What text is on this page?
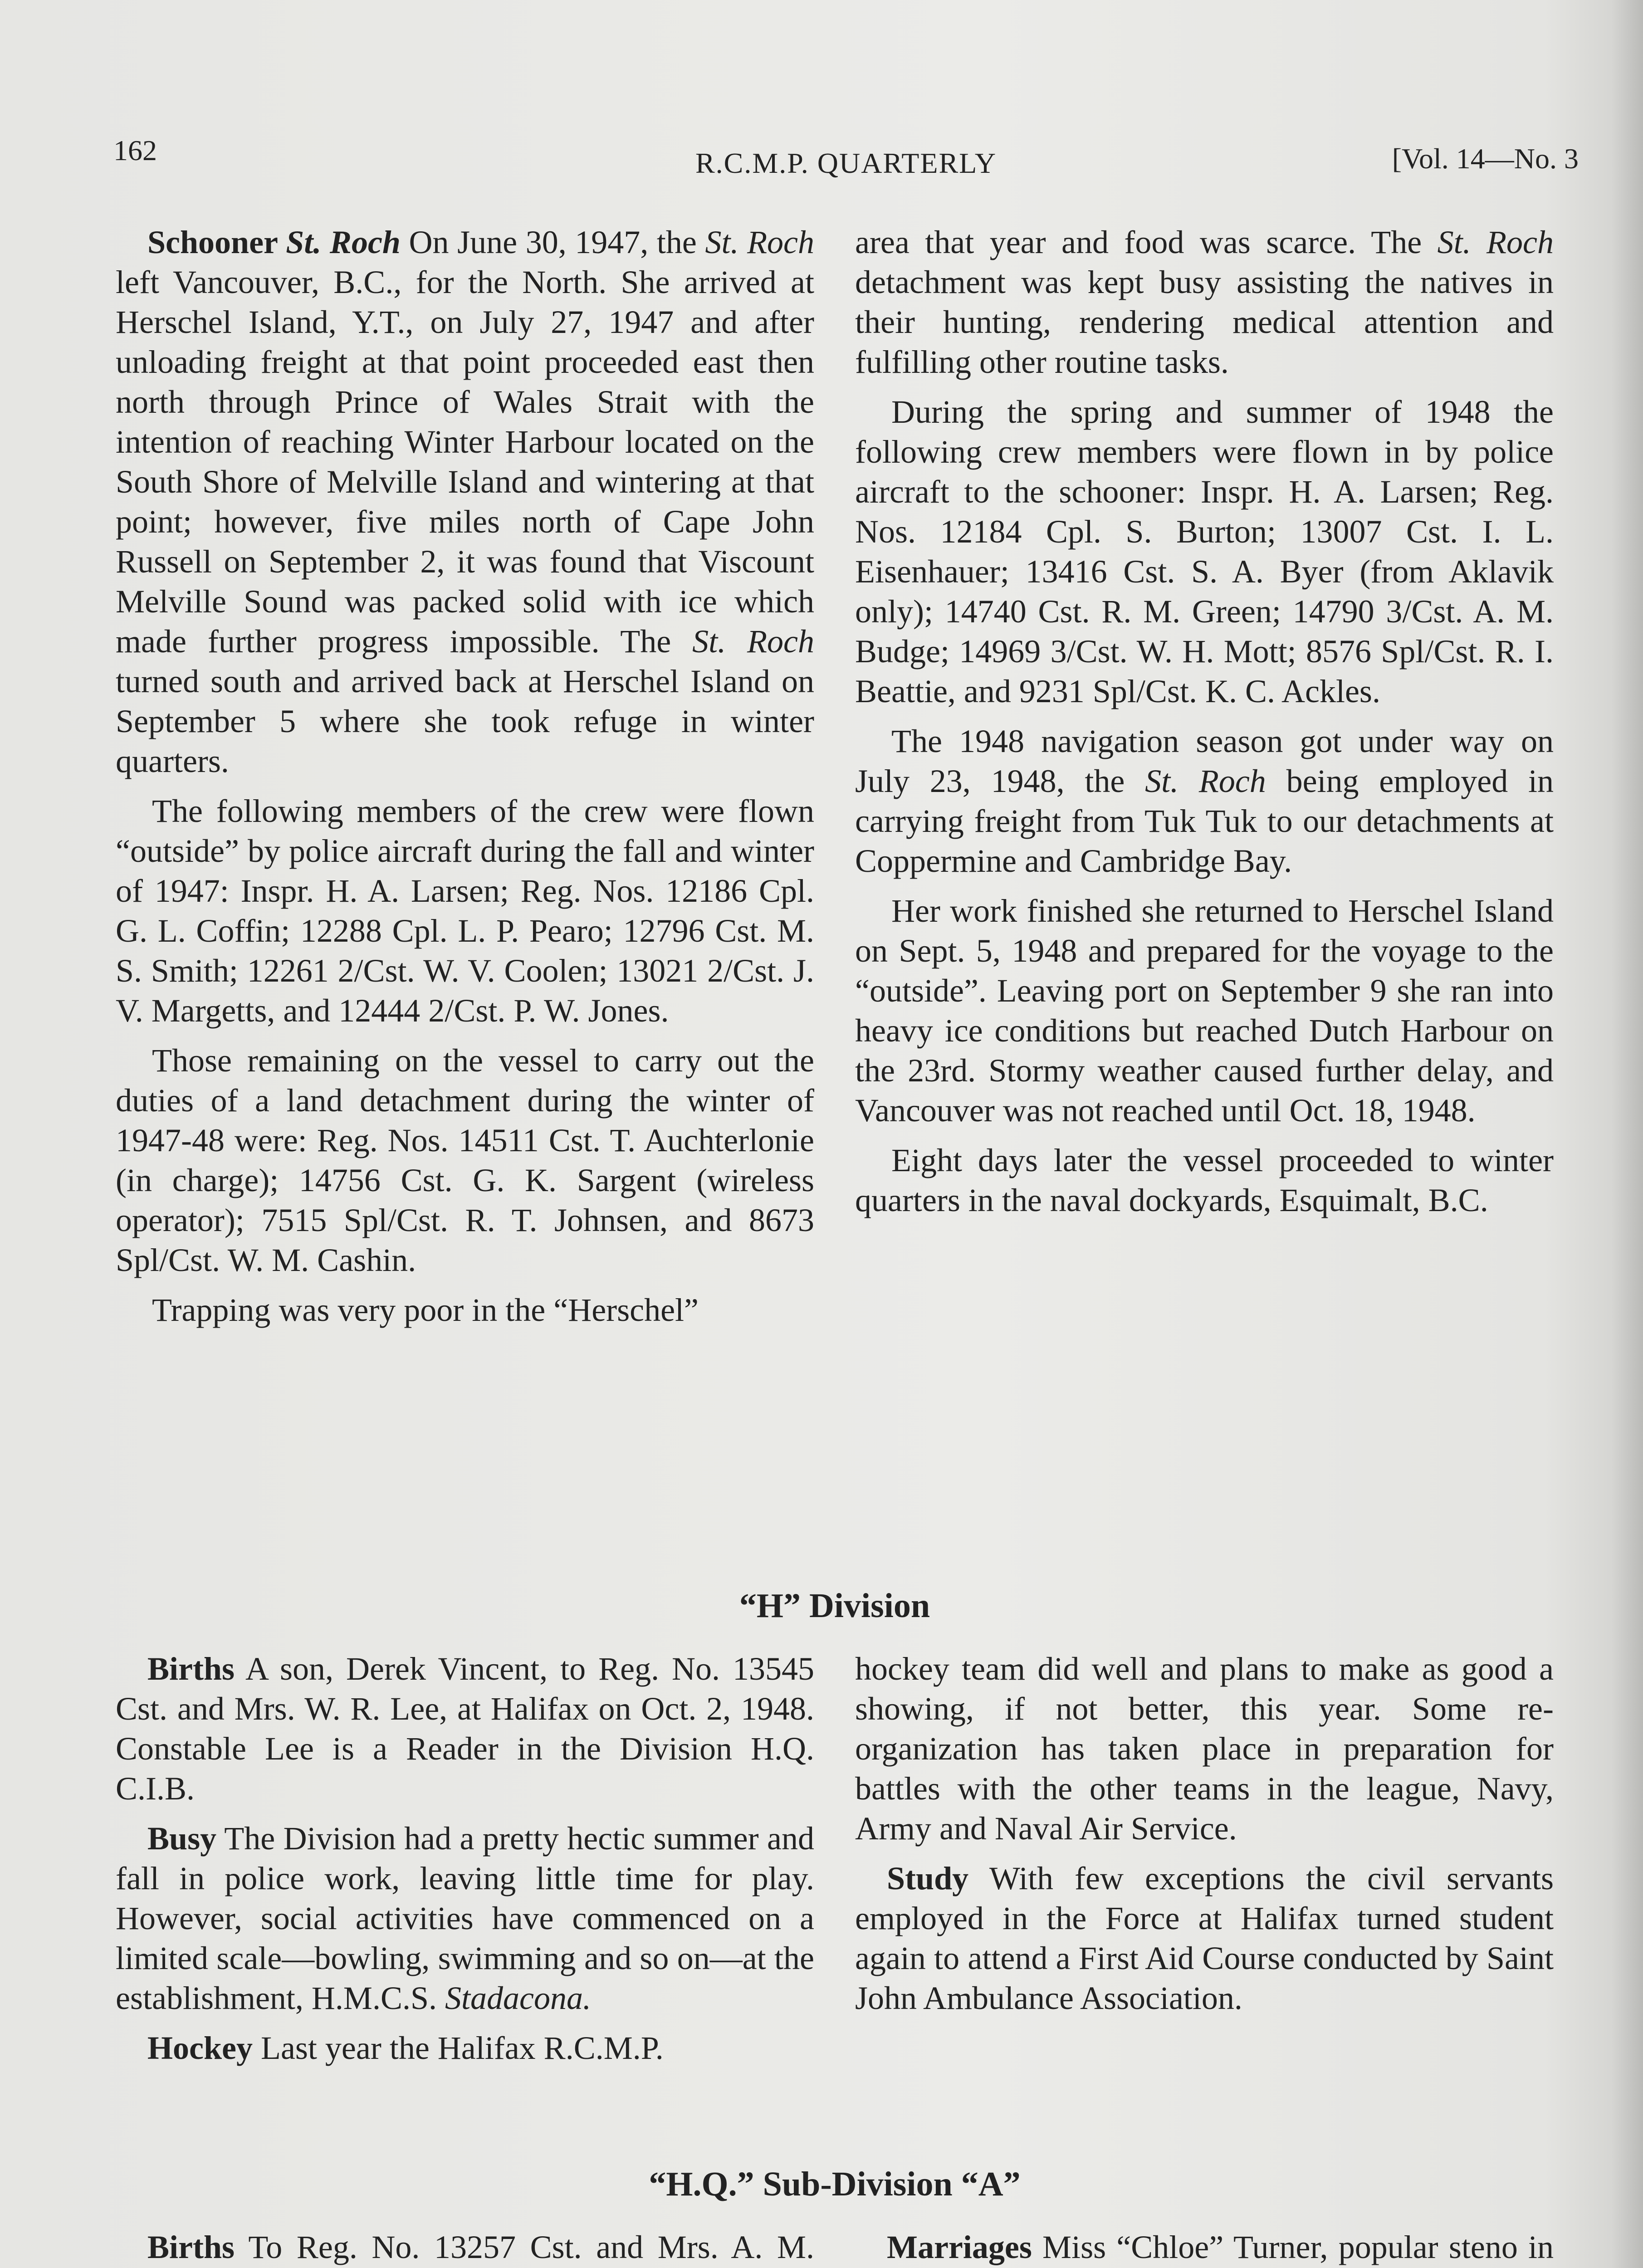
162	R.C.M.P. QUARTERLY	[Vol. 14—No. 3

Schooner St. Roch On June 30, 1947, the St. Roch left Vancouver, B.C., for the North. She arrived at Herschel Island, Y.T., on July 27, 1947 and after unloading freight at that point proceeded east then north through Prince of Wales Strait with the intention of reaching Winter Harbour located on the South Shore of Melville Island and wintering at that point; however, five miles north of Cape John Russell on September 2, it was found that Viscount Melville Sound was packed solid with ice which made further progress impossible. The St. Roch turned south and arrived back at Herschel Island on September 5 where she took refuge in winter quarters.

The following members of the crew were flown “outside” by police aircraft during the fall and winter of 1947: Inspr. H. A. Larsen; Reg. Nos. 12186 Cpl. G. L. Coffin; 12288 Cpl. L. P. Pearo; 12796 Cst. M. S. Smith; 12261 2/Cst. W. V. Coolen; 13021 2/Cst. J. V. Margetts, and 12444 2/Cst. P. W. Jones.

Those remaining on the vessel to carry out the duties of a land detachment during the winter of 1947-48 were: Reg. Nos. 14511 Cst. T. Auchterlonie (in charge); 14756 Cst. G. K. Sargent (wireless operator); 7515 Spl/Cst. R. T. Johnsen, and 8673 Spl/Cst. W. M. Cashin.

Trapping was very poor in the “Herschel”

area that year and food was scarce. The St. Roch detachment was kept busy assisting the natives in their hunting, rendering medical attention and fulfilling other routine tasks.

During the spring and summer of 1948 the following crew members were flown in by police aircraft to the schooner: Inspr. H. A. Larsen; Reg. Nos. 12184 Cpl. S. Burton; 13007 Cst. I. L. Eisenhauer; 13416 Cst. S. A. Byer (from Aklavik only); 14740 Cst. R. M. Green; 14790 3/Cst. A. M. Budge; 14969 3/Cst. W. H. Mott; 8576 Spl/Cst. R. I. Beattie, and 9231 Spl/Cst. K. C. Ackles.

The 1948 navigation season got under way on July 23, 1948, the St. Roch being employed in carrying freight from Tuk Tuk to our detachments at Coppermine and Cambridge Bay.

Her work finished she returned to Herschel Island on Sept. 5, 1948 and prepared for the voyage to the “outside”. Leaving port on September 9 she ran into heavy ice conditions but reached Dutch Harbour on the 23rd. Stormy weather caused further delay, and Vancouver was not reached until Oct. 18, 1948.

Eight days later the vessel proceeded to winter quarters in the naval dockyards, Esquimalt, B.C.

“H” Division

Births A son, Derek Vincent, to Reg. No. 13545 Cst. and Mrs. W. R. Lee, at Halifax on Oct. 2, 1948. Constable Lee is a Reader in the Division H.Q. C.I.B.

Busy The Division had a pretty hectic summer and fall in police work, leaving little time for play. However, social activities have commenced on a limited scale—bowling, swimming and so on—at the establishment, H.M.C.S. Stadacona.

Hockey Last year the Halifax R.C.M.P.

hockey team did well and plans to make as good a showing, if not better, this year. Some re-organization has taken place in preparation for battles with the other teams in the league, Navy, Army and Naval Air Service.

Study With few exceptions the civil servants employed in the Force at Halifax turned student again to attend a First Aid Course conducted by Saint John Ambulance Association.

“H.Q.” Sub-Division “A”

Births To Reg. No. 13257 Cst. and Mrs. A. M.	Marriages Miss “Chloe” Turner, popular steno in
